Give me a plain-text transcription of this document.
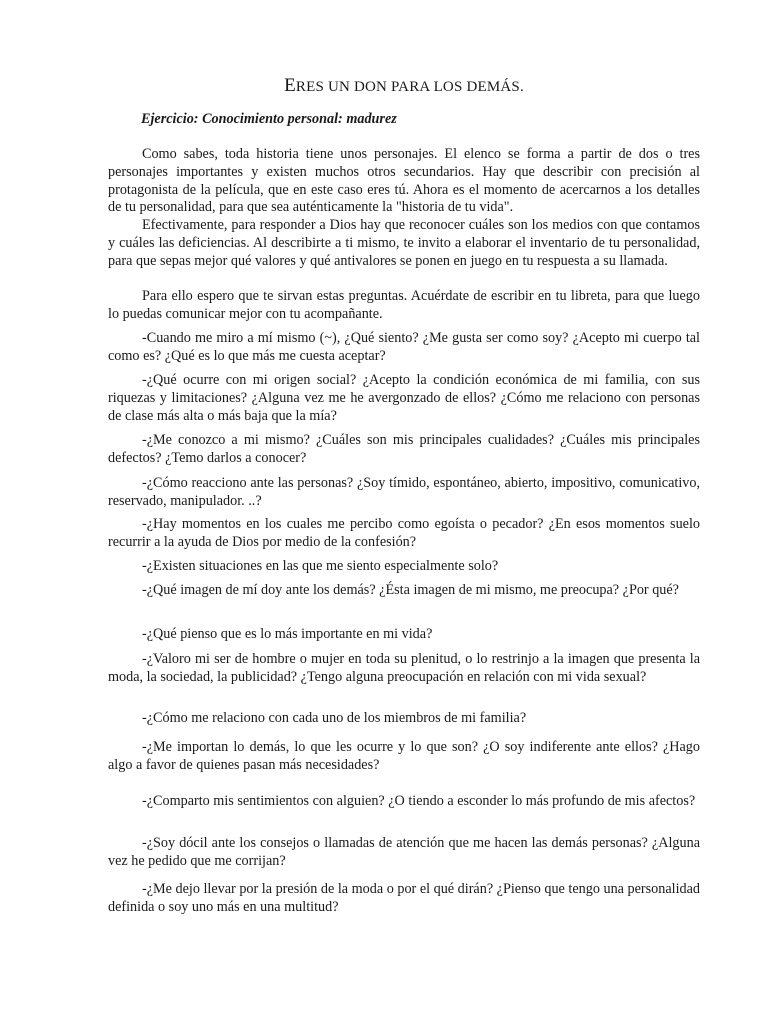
ERES UN DON PARA LOS DEMÁS.

Ejercicio: Conocimiento personal: madurez

Como sabes, toda historia tiene unos personajes. El elenco se forma a partir de dos o tres personajes importantes y existen muchos otros secundarios. Hay que describir con precisión al protagonista de la película, que en este caso eres tú. Ahora es el momento de acercarnos a los detalles de tu personalidad, para que sea auténticamente la "historia de tu vida".

Efectivamente, para responder a Dios hay que reconocer cuáles son los medios con que contamos y cuáles las deficiencias. Al describirte a ti mismo, te invito a elaborar el inventario de tu personalidad, para que sepas mejor qué valores y qué antivalores se ponen en juego en tu respuesta a su llamada.

Para ello espero que te sirvan estas preguntas. Acuérdate de escribir en tu libreta, para que luego lo puedas comunicar mejor con tu acompañante.

-Cuando me miro a mí mismo (~), ¿Qué siento? ¿Me gusta ser como soy? ¿Acepto mi cuerpo tal como es? ¿Qué es lo que más me cuesta aceptar?

-¿Qué ocurre con mi origen social? ¿Acepto la condición económica de mi familia, con sus riquezas y limitaciones? ¿Alguna vez me he avergonzado de ellos? ¿Cómo me relaciono con personas de clase más alta o más baja que la mía?

-¿Me conozco a mi mismo? ¿Cuáles son mis principales cualidades? ¿Cuáles mis principales defectos? ¿Temo darlos a conocer?

-¿Cómo reacciono ante las personas? ¿Soy tímido, espontáneo, abierto, impositivo, comunicativo, reservado, manipulador. ..?

-¿Hay momentos en los cuales me percibo como egoísta o pecador? ¿En esos momentos suelo recurrir a la ayuda de Dios por medio de la confesión?

-¿Existen situaciones en las que me siento especialmente solo?

-¿Qué imagen de mí doy ante los demás? ¿Ésta imagen de mi mismo, me preocupa? ¿Por qué?

-¿Qué pienso que es lo más importante en mi vida?

-¿Valoro mi ser de hombre o mujer en toda su plenitud, o lo restrinjo a la imagen que presenta la moda, la sociedad, la publicidad? ¿Tengo alguna preocupación en relación con mi vida sexual?

-¿Cómo me relaciono con cada uno de los miembros de mi familia?

-¿Me importan lo demás, lo que les ocurre y lo que son? ¿O soy indiferente ante ellos? ¿Hago algo a favor de quienes pasan más necesidades?

-¿Comparto mis sentimientos con alguien? ¿O tiendo a esconder lo más profundo de mis afectos?

-¿Soy dócil ante los consejos o llamadas de atención que me hacen las demás personas? ¿Alguna vez he pedido que me corrijan?

-¿Me dejo llevar por la presión de la moda o por el qué dirán? ¿Pienso que tengo una personalidad definida o soy uno más en una multitud?
